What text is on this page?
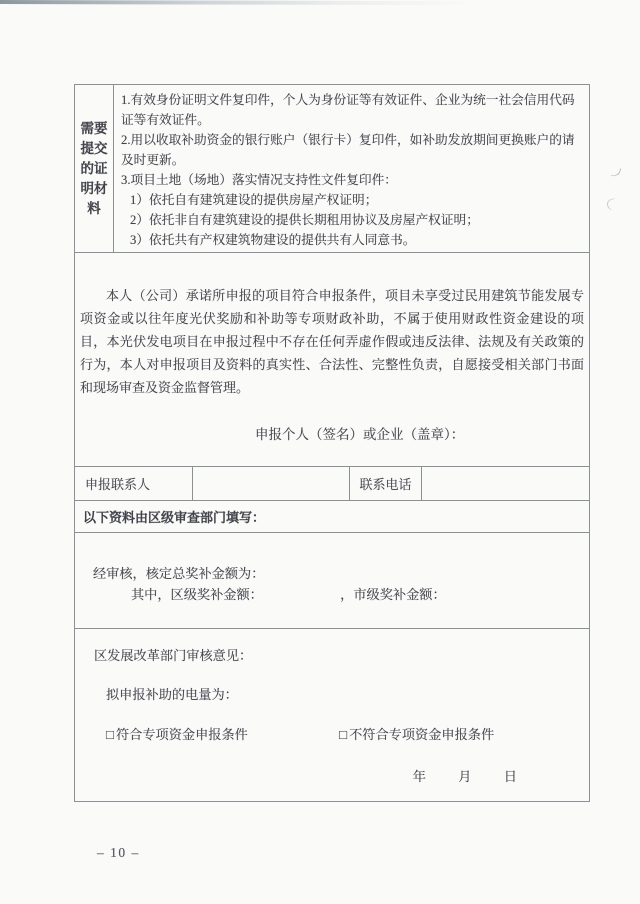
需要提交的证明材料
1.有效身份证明文件复印件，个人为身份证等有效证件、企业为统一社会信用代码证等有效证件。
2.用以收取补助资金的银行账户（银行卡）复印件，如补助发放期间更换账户的请及时更新。
3.项目土地（场地）落实情况支持性文件复印件：
1）依托自有建筑建设的提供房屋产权证明；
2）依托非自有建筑建设的提供长期租用协议及房屋产权证明；
3）依托共有产权建筑物建设的提供共有人同意书。

本人（公司）承诺所申报的项目符合申报条件，项目未享受过民用建筑节能发展专项资金或以往年度光伏奖励和补助等专项财政补助，不属于使用财政性资金建设的项目，本光伏发电项目在申报过程中不存在任何弄虚作假或违反法律、法规及有关政策的行为，本人对申报项目及资料的真实性、合法性、完整性负责，自愿接受相关部门书面和现场审查及资金监督管理。

申报个人（签名）或企业（盖章）：
申报联系人	联系电话
以下资料由区级审查部门填写：
经审核，核定总奖补金额为：
其中，区级奖补金额：	，市级奖补金额：
区发展改革部门审核意见：
拟申报补助的电量为：
□ 符合专项资金申报条件	□ 不符合专项资金申报条件
年　　月　　日
– 10 –
